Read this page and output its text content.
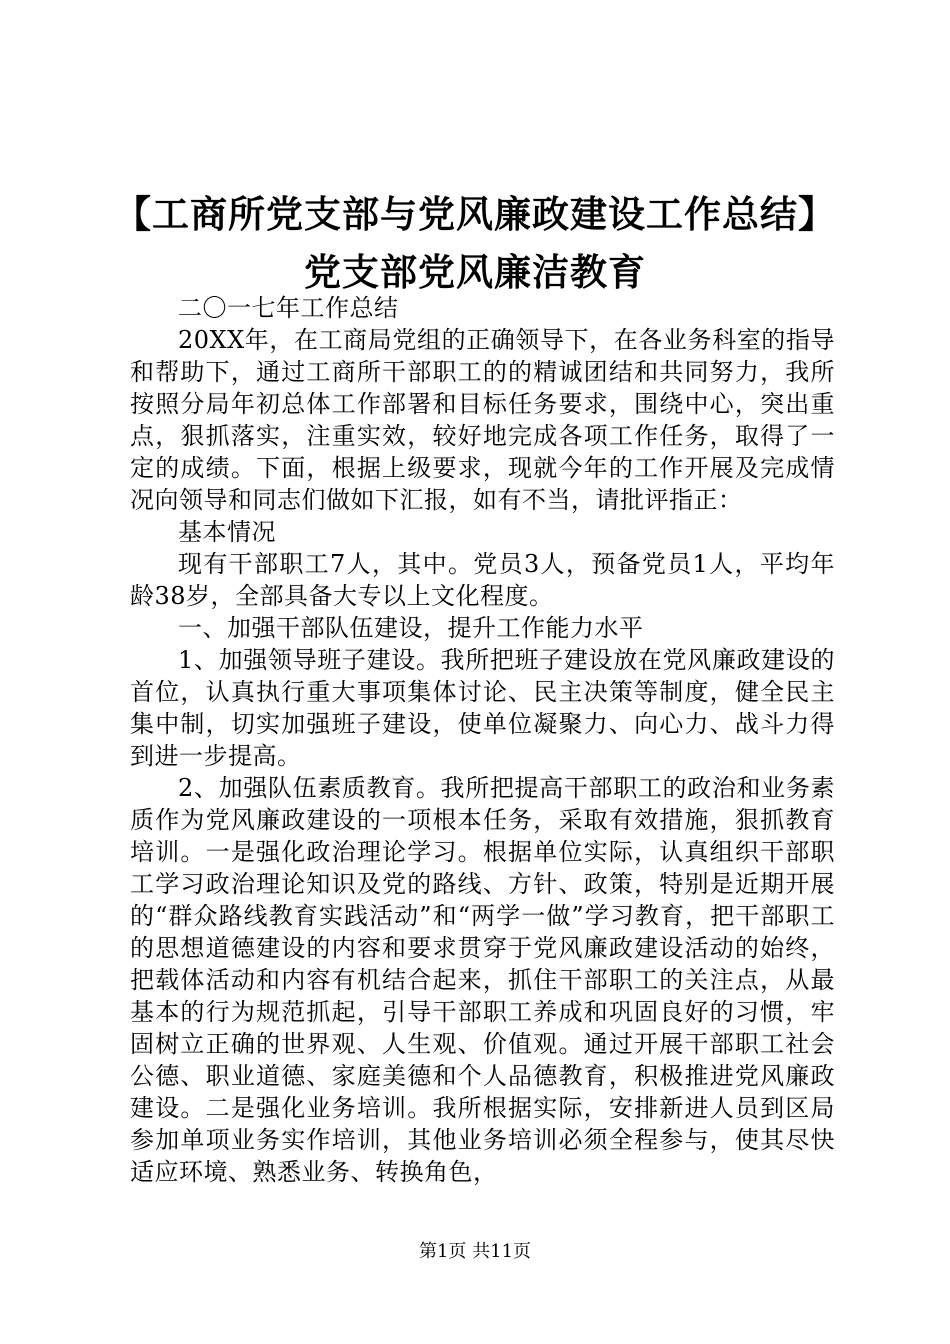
【工商所党支部与党风廉政建设工作总结】党支部党风廉洁教育

二〇一七年工作总结

20XX年，在工商局党组的正确领导下，在各业务科室的指导和帮助下，通过工商所干部职工的的精诚团结和共同努力，我所按照分局年初总体工作部署和目标任务要求，围绕中心，突出重点，狠抓落实，注重实效，较好地完成各项工作任务，取得了一定的成绩。下面，根据上级要求，现就今年的工作开展及完成情况向领导和同志们做如下汇报，如有不当，请批评指正：

基本情况

现有干部职工7人，其中。党员3人，预备党员1人，平均年龄38岁，全部具备大专以上文化程度。

一、加强干部队伍建设，提升工作能力水平

1、加强领导班子建设。我所把班子建设放在党风廉政建设的首位，认真执行重大事项集体讨论、民主决策等制度，健全民主集中制，切实加强班子建设，使单位凝聚力、向心力、战斗力得到进一步提高。

2、加强队伍素质教育。我所把提高干部职工的政治和业务素质作为党风廉政建设的一项根本任务，采取有效措施，狠抓教育培训。一是强化政治理论学习。根据单位实际，认真组织干部职工学习政治理论知识及党的路线、方针、政策，特别是近期开展的“群众路线教育实践活动”和“两学一做”学习教育，把干部职工的思想道德建设的内容和要求贯穿于党风廉政建设活动的始终，把载体活动和内容有机结合起来，抓住干部职工的关注点，从最基本的行为规范抓起，引导干部职工养成和巩固良好的习惯，牢固树立正确的世界观、人生观、价值观。通过开展干部职工社会公德、职业道德、家庭美德和个人品德教育，积极推进党风廉政建设。二是强化业务培训。我所根据实际，安排新进人员到区局参加单项业务实作培训，其他业务培训必须全程参与，使其尽快适应环境、熟悉业务、转换角色，

第1页 共11页
